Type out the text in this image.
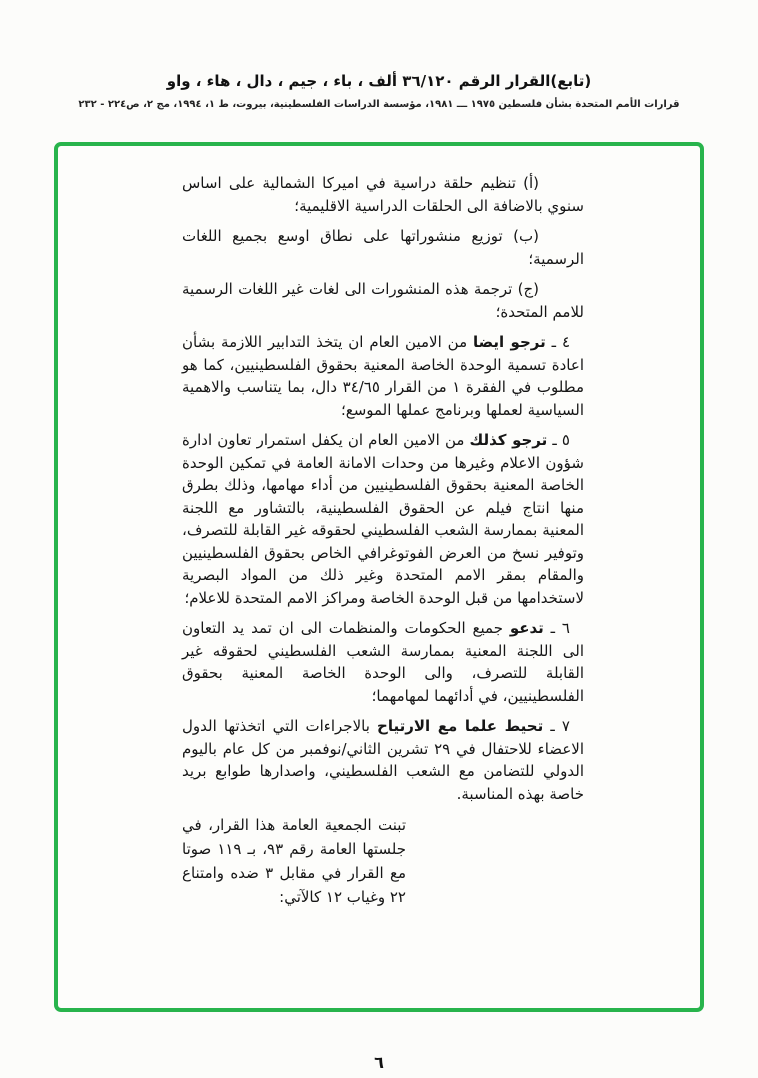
(تابع)القرار الرقم ٣٦/١٢٠ ألف ، باء ، جيم ، دال ، هاء ، واو
قرارات الأمم المتحدة بشأن فلسطين ١٩٧٥ ـــ ١٩٨١، مؤسسة الدراسات الفلسطينية، بيروت، ط ١، ١٩٩٤، مج ٢، ص٢٢٤ - ٢٣٢

(أ) تنظيم حلقة دراسية في اميركا الشمالية على اساس سنوي بالاضافة الى الحلقات الدراسية الاقليمية؛

(ب) توزيع منشوراتها على نطاق اوسع بجميع اللغات الرسمية؛

(ج) ترجمة هذه المنشورات الى لغات غير اللغات الرسمية للامم المتحدة؛

٤ ـ ترجو ايضا من الامين العام ان يتخذ التدابير اللازمة بشأن اعادة تسمية الوحدة الخاصة المعنية بحقوق الفلسطينيين، كما هو مطلوب في الفقرة ١ من القرار ٣٤/٦٥ دال، بما يتناسب والاهمية السياسية لعملها وبرنامج عملها الموسع؛

٥ ـ ترجو كذلك من الامين العام ان يكفل استمرار تعاون ادارة شؤون الاعلام وغيرها من وحدات الامانة العامة في تمكين الوحدة الخاصة المعنية بحقوق الفلسطينيين من أداء مهامها، وذلك بطرق منها انتاج فيلم عن الحقوق الفلسطينية، بالتشاور مع اللجنة المعنية بممارسة الشعب الفلسطيني لحقوقه غير القابلة للتصرف، وتوفير نسخ من العرض الفوتوغرافي الخاص بحقوق الفلسطينيين والمقام بمقر الامم المتحدة وغير ذلك من المواد البصرية لاستخدامها من قبل الوحدة الخاصة ومراكز الامم المتحدة للاعلام؛

٦ ـ تدعو جميع الحكومات والمنظمات الى ان تمد يد التعاون الى اللجنة المعنية بممارسة الشعب الفلسطيني لحقوقه غير القابلة للتصرف، والى الوحدة الخاصة المعنية بحقوق الفلسطينيين، في أدائهما لمهامهما؛

٧ ـ تحيط علما مع الارتياح بالاجراءات التي اتخذتها الدول الاعضاء للاحتفال في ٢٩ تشرين الثاني/نوفمبر من كل عام باليوم الدولي للتضامن مع الشعب الفلسطيني، واصدارها طوابع بريد خاصة بهذه المناسبة.

تبنت الجمعية العامة هذا القرار، في جلستها العامة رقم ٩٣، بـ ١١٩ صوتا مع القرار في مقابل ٣ ضده وامتناع ٢٢ وغياب ١٢ كالآتي:

٦
